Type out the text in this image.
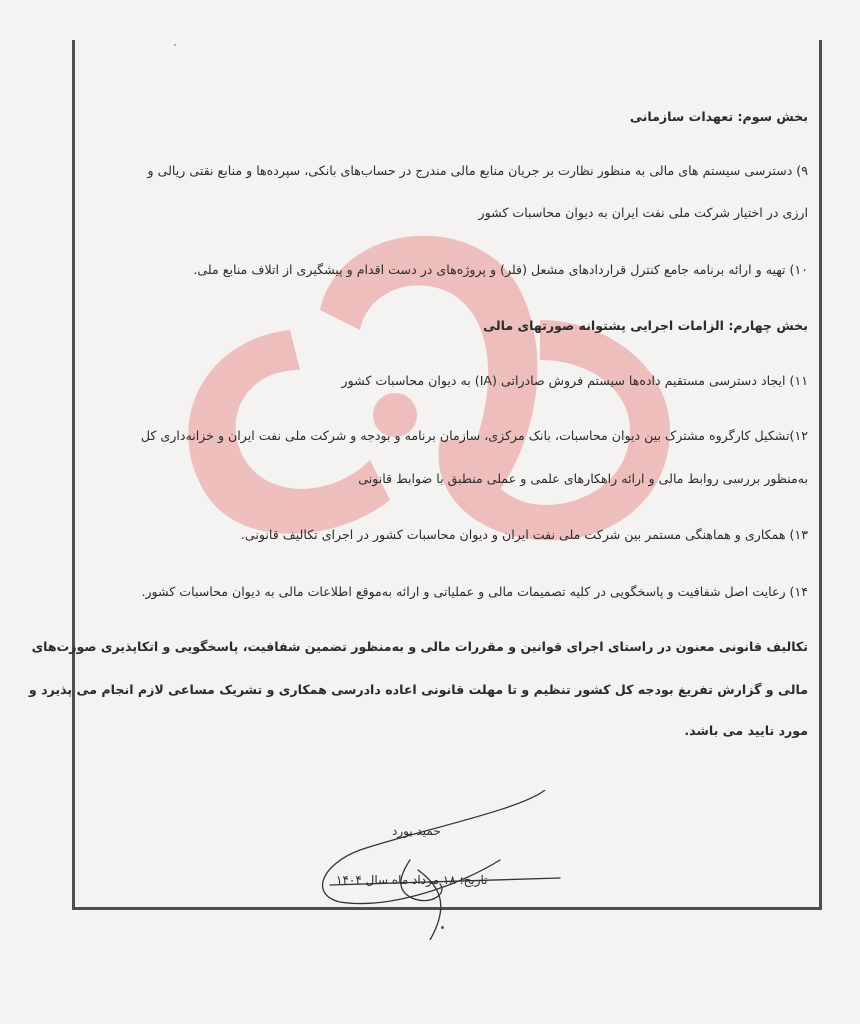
بخش سوم: تعهدات سازمانی
۹) دسترسی سیستم های مالی به منظور نظارت بر جریان منابع مالی مندرج در حساب‌های بانکی، سپرده‌ها و منابع نقتی ریالی و
ارزی در اختیار شرکت ملی نفت ایران به دیوان محاسبات کشور
۱۰) تهیه و ارائه برنامه جامع کنترل قراردادهای مشعل (فلر) و پروژه‌های در دست اقدام و پیشگیری از اتلاف منابع ملی.
بخش چهارم: الزامات اجرایی پشتوانه صورتهای مالی
۱۱) ایجاد دسترسی مستقیم داده‌ها سیستم فروش صادراتی (IA) به دیوان محاسبات کشور
۱۲)تشکیل کارگروه مشترک بین دیوان محاسبات، بانک مرکزی، سازمان برنامه و بودجه و شرکت ملی نفت ایران و خزانه‌داری کل
به‌منظور بررسی روابط مالی و ارائه راهکارهای علمی و عملی منطبق با ضوابط قانونی
۱۳) همکاری و هماهنگی مستمر بین شرکت ملی نفت ایران و دیوان محاسبات کشور در اجرای تکالیف قانونی.
۱۴) رعایت اصل شفافیت و پاسخگویی در کلیه تصمیمات مالی و عملیاتی و ارائه به‌موقع اطلاعات مالی به دیوان محاسبات کشور.
تکالیف قانونی معنون در راستای اجرای قوانین و مقررات مالی و به‌منظور تضمین شفافیت، پاسخگویی و اتکاپذیری صورت‌های
مالی و گزارش تفریغ بودجه کل کشور تنظیم و تا مهلت قانونی اعاده دادرسی همکاری و تشریک مساعی لازم انجام می پذیرد و
مورد تایید می باشد.
حمید بورد
تاریخ: ۱۸ مرداد ماه سال ۱۴۰۴
